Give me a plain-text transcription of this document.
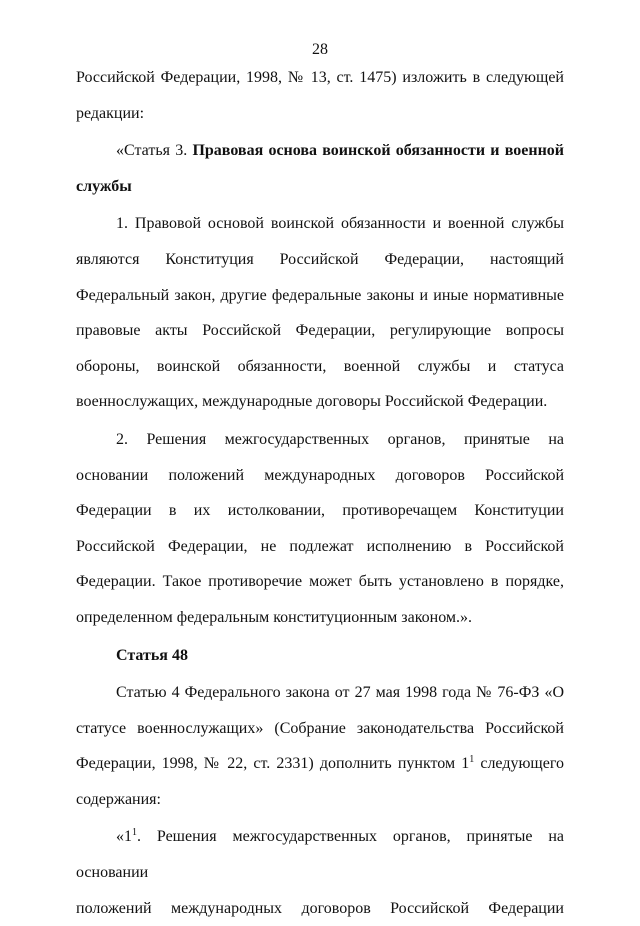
28

Российской Федерации, 1998, № 13, ст. 1475) изложить в следующей

редакции:

«Статья 3. Правовая основа воинской обязанности и военной службы

1. Правовой основой воинской обязанности и военной службы являются Конституция Российской Федерации, настоящий Федеральный закон, другие федеральные законы и иные нормативные правовые акты Российской Федерации, регулирующие вопросы обороны, воинской обязанности, военной службы и статуса военнослужащих, международные договоры Российской Федерации.

2. Решения межгосударственных органов, принятые на основании положений международных договоров Российской Федерации в их истолковании, противоречащем Конституции Российской Федерации, не подлежат исполнению в Российской Федерации. Такое противоречие может быть установлено в порядке, определенном федеральным конституционным законом.».

Статья 48

Статью 4 Федерального закона от 27 мая 1998 года № 76-ФЗ «О статусе военнослужащих» (Собрание законодательства Российской Федерации, 1998, № 22, ст. 2331) дополнить пунктом $1^1$ следующего содержания:

«$1^1$. Решения межгосударственных органов, принятые на основании

положений международных договоров Российской Федерации
